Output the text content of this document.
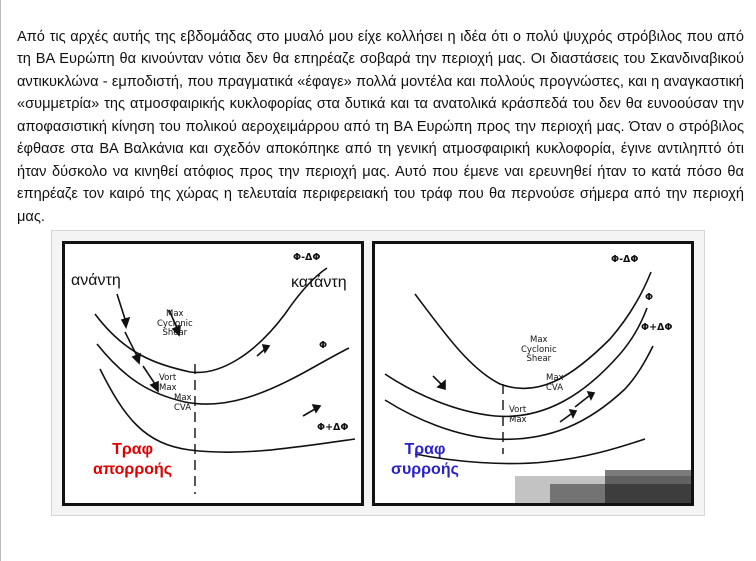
Από τις αρχές αυτής της εβδομάδας στο μυαλό μου είχε κολλήσει η ιδέα ότι ο πολύ ψυχρός στρόβιλος που από τη ΒΑ Ευρώπη θα κινούνταν νότια δεν θα επηρέαζε σοβαρά την περιοχή μας. Οι διαστάσεις του Σκανδιναβικού αντικυκλώνα - εμποδιστή, που πραγματικά «έφαγε» πολλά μοντέλα και πολλούς προγνώστες, και η αναγκαστική «συμμετρία» της ατμοσφαιρικής κυκλοφορίας στα δυτικά και τα ανατολικά κράσπεδά του δεν θα ευνοούσαν την αποφασιστική κίνηση του πολικού αεροχειμάρρου από τη ΒΑ Ευρώπη προς την περιοχή μας. Όταν ο στρόβιλος έφθασε στα ΒΑ Βαλκάνια και σχεδόν αποκόπηκε από τη γενική ατμοσφαιρική κυκλοφορία, έγινε αντιληπτό ότι ήταν δύσκολο να κινηθεί ατόφιος προς την περιοχή μας. Αυτό που έμενε ναι ερευνηθεί ήταν το κατά πόσο θα επηρέαζε τον καιρό της χώρας η τελευταία περιφερειακή του τράφ που θα περνούσε σήμερα από την περιοχή μας.

ανάντη	κατάντη
Φ-ΔΦ
Φ
Φ+ΔΦ
Max
Cyclonic
Shear
Vort
Max
Max
CVA
Τραφ
απορροής
Φ-ΔΦ
Φ
Φ+ΔΦ
Max
Cyclonic
Shear
Max
CVA
Vort
Max
Τραφ
συρροής
